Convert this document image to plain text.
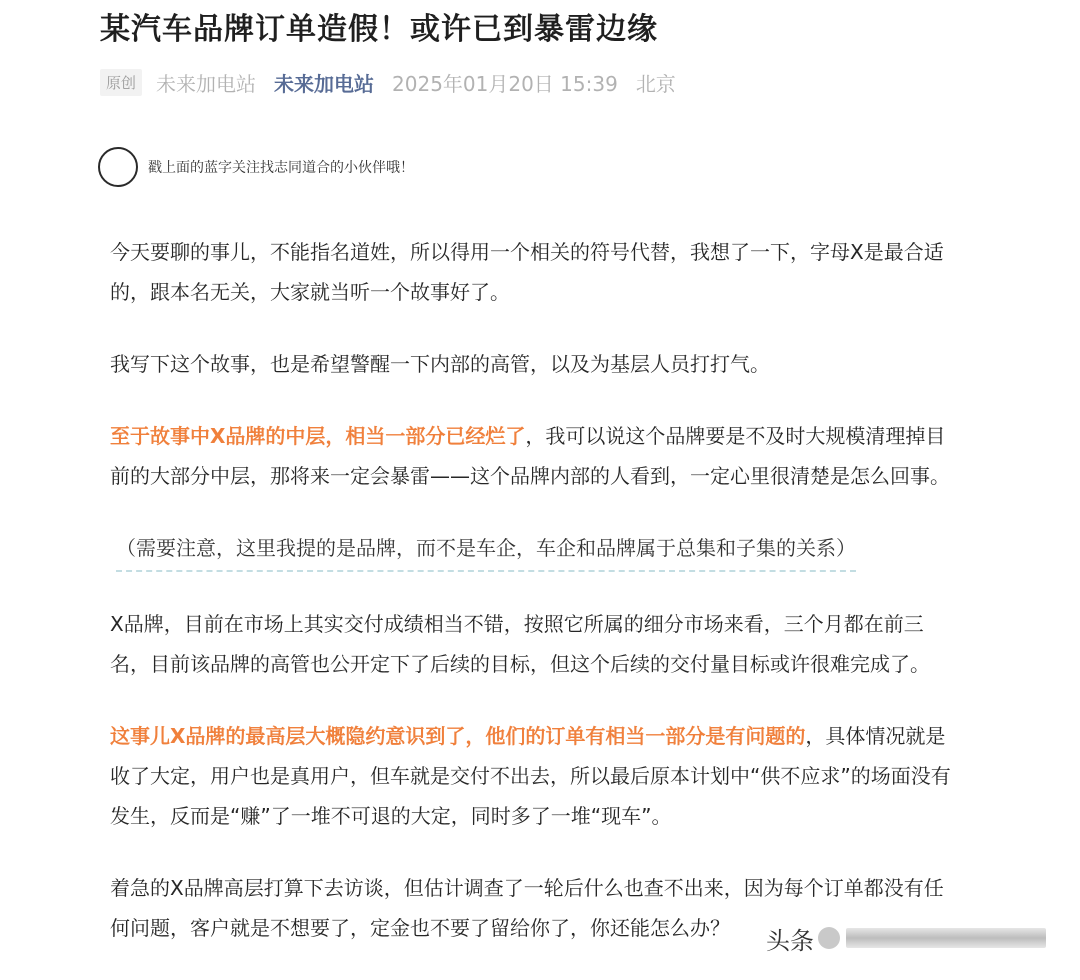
某汽车品牌订单造假！或许已到暴雷边缘
原创	未来加电站 未来加电站 2025年01月20日 15:39 北京
戳上面的蓝字关注找志同道合的小伙伴哦！

今天要聊的事儿，不能指名道姓，所以得用一个相关的符号代替，我想了一下，字母X是最合适
的，跟本名无关，大家就当听一个故事好了。

我写下这个故事，也是希望警醒一下内部的高管，以及为基层人员打打气。

至于故事中X品牌的中层，相当一部分已经烂了，我可以说这个品牌要是不及时大规模清理掉目
前的大部分中层，那将来一定会暴雷——这个品牌内部的人看到，一定心里很清楚是怎么回事。

（需要注意，这里我提的是品牌，而不是车企，车企和品牌属于总集和子集的关系）

X品牌，目前在市场上其实交付成绩相当不错，按照它所属的细分市场来看，三个月都在前三
名，目前该品牌的高管也公开定下了后续的目标，但这个后续的交付量目标或许很难完成了。

这事儿X品牌的最高层大概隐约意识到了，他们的订单有相当一部分是有问题的，具体情况就是
收了大定，用户也是真用户，但车就是交付不出去，所以最后原本计划中“供不应求”的场面没有
发生，反而是“赚”了一堆不可退的大定，同时多了一堆“现车”。

着急的X品牌高层打算下去访谈，但估计调查了一轮后什么也查不出来，因为每个订单都没有任
何问题，客户就是不想要了，定金也不要了留给你了，你还能怎么办？	头条
